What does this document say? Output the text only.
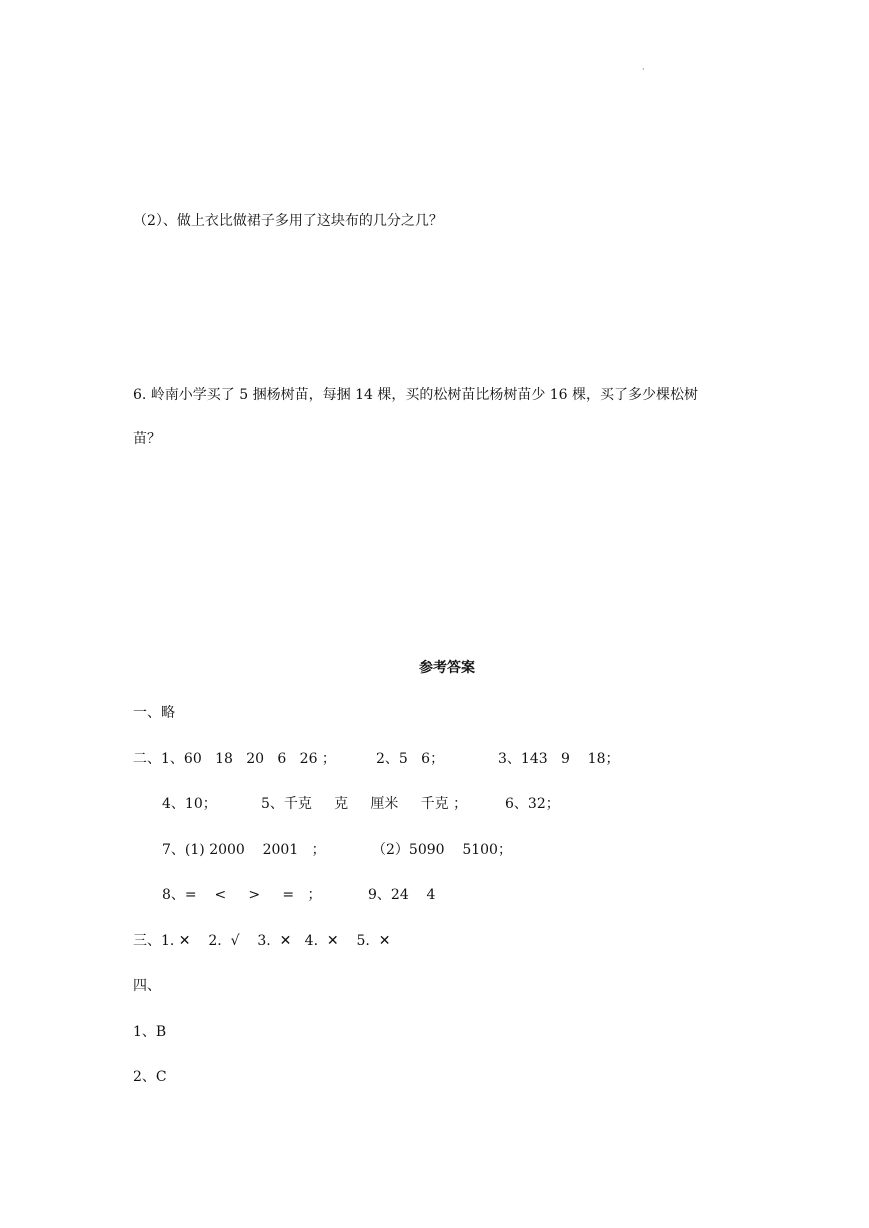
·
（2）、做上衣比做裙子多用了这块布的几分之几？
6. 岭南小学买了 5 捆杨树苗，每捆 14 棵，买的松树苗比杨树苗少 16 棵，买了多少棵松树
苗？
参考答案
一、略
二、1、60   18   20   6   26 ；	2、5   6；	3、143   9    18；
4、10；	5、千克     克     厘米     千克 ；	6、32；
7、(1) 2000    2001   ；	（2）5090    5100；
8、=    <     >     =   ；	9、24    4
三、1. ✕    2.  √    3.  ✕   4.  ✕    5.  ✕
四、
1、B
2、C
